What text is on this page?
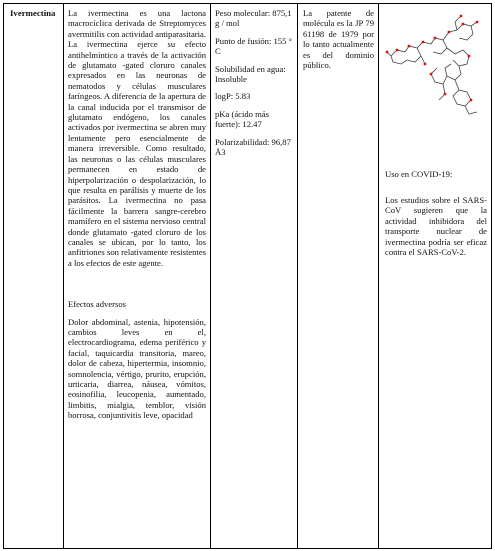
Ivermectina	La ivermectina es una lactona macrocíclica derivada de Streptomyces avermitilis con actividad antiparasitaria. La ivermectina ejerce su efecto antihelmíntico a través de la activación de glutamato -gated cloruro canales expresados en las neuronas de nematodos y células musculares faríngeos. A diferencia de la apertura de la canal inducida por el transmisor de glutamato endógeno, los canales activados por ivermectina se abren muy lentamente pero esencialmente de manera irreversible. Como resultado, las neuronas o las células musculares permanecen en estado de hiperpolarización o despolarización, lo que resulta en parálisis y muerte de los parásitos. La ivermectina no pasa fácilmente la barrera sangre-cerebro mamífero en el sistema nervioso central donde glutamato -gated cloruro de los canales se ubican, por lo tanto, los anfitriones son relativamente resistentes a los efectos de este agente.

Efectos adversos

Dolor abdominal, astenia, hipotensión, cambios leves en el, electrocardiograma, edema periférico y facial, taquicardia transitoria, mareo, dolor de cabeza, hipertermia, insomnio, somnolencia, vértigo, prurito, erupción, urticaria, diarrea, náusea, vómitos, eosinofilia, leucopenia, aumentado, limbitis, mialgia, temblor, visión borrosa, conjuntivitis leve, opacidad

Peso molecular: 875,1 g / mol

Punto de fusión: 155 ° C

Solubilidad en agua: Insoluble

logP: 5.83

pKa (ácido más fuerte): 12.47

Polarizabilidad: 96,87 Å3

La patente de molécula es la JP 79 61198 de 1979 por lo tanto actualmente es del dominio público.

Uso en COVID-19:

Los estudios sobre el SARS-CoV sugieren que la actividad inhibidora del transporte nuclear de ivermectina podría ser eficaz contra el SARS-CoV-2.
